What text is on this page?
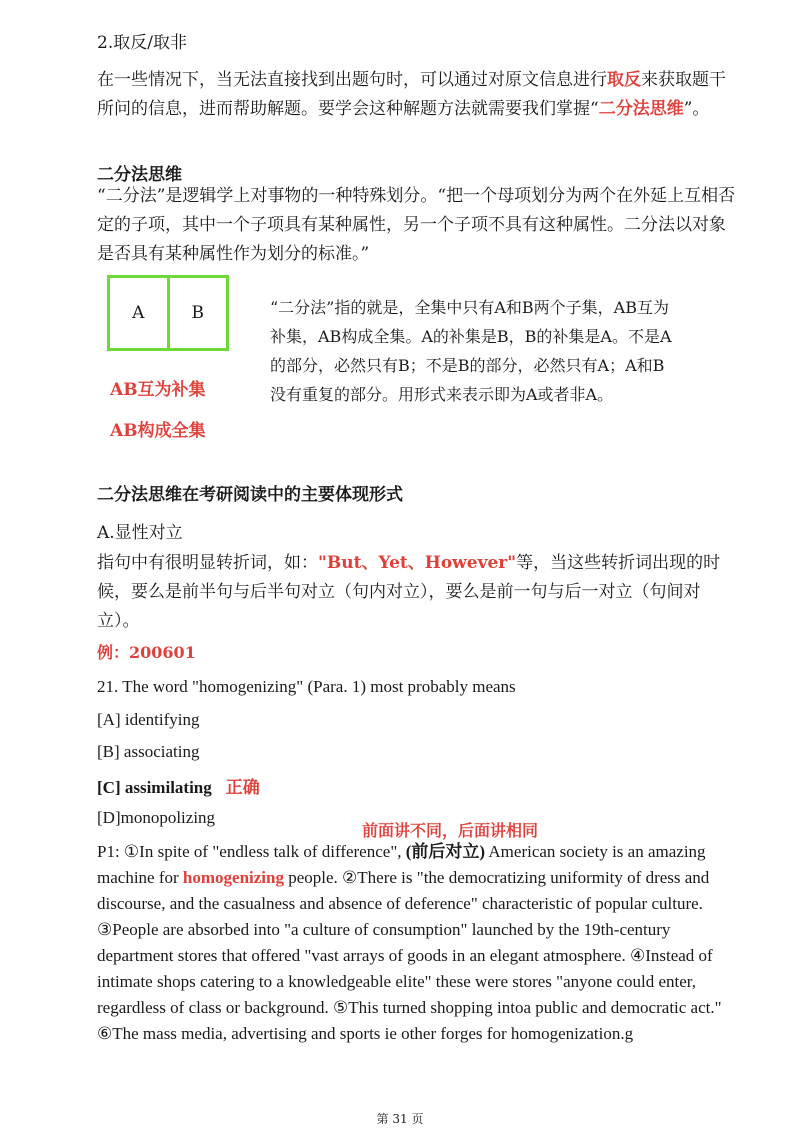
2.取反/取非
在一些情况下，当无法直接找到出题句时，可以通过对原文信息进行取反来获取题干所问的信息，进而帮助解题。要学会这种解题方法就需要我们掌握“二分法思维”。
二分法思维
“二分法”是逻辑学上对事物的一种特殊划分。“把一个母项划分为两个在外延上互相否定的子项，其中一个子项具有某种属性，另一个子项不具有这种属性。二分法以对象是否具有某种属性作为划分的标准。”
A	B
AB互为补集
AB构成全集
“二分法”指的就是，全集中只有A和B两个子集，AB互为补集，AB构成全集。A的补集是B，B的补集是A。不是A的部分，必然只有B；不是B的部分，必然只有A；A和B没有重复的部分。用形式来表示即为A或者非A。
二分法思维在考研阅读中的主要体现形式
A.显性对立
指句中有很明显转折词，如："But、Yet、However"等，当这些转折词出现的时候，要么是前半句与后半句对立（句内对立），要么是前一句与后一对立（句间对立）。
例：200601
21. The word "homogenizing" (Para. 1) most probably means
[A] identifying
[B] associating
[C] assimilating 正确
[D]monopolizing
前面讲不同，后面讲相同
P1: ①In spite of "endless talk of difference", (前后对立) American society is an amazing machine for homogenizing people. ②There is "the democratizing uniformity of dress and discourse, and the casualness and absence of deference" characteristic of popular culture. ③People are absorbed into "a culture of consumption" launched by the 19th-century department stores that offered "vast arrays of goods in an elegant atmosphere. ④Instead of intimate shops catering to a knowledgeable elite" these were stores "anyone could enter, regardless of class or background. ⑤This turned shopping intoa public and democratic act." ⑥The mass media, advertising and sports ie other forges for homogenization.g
第 31 页
